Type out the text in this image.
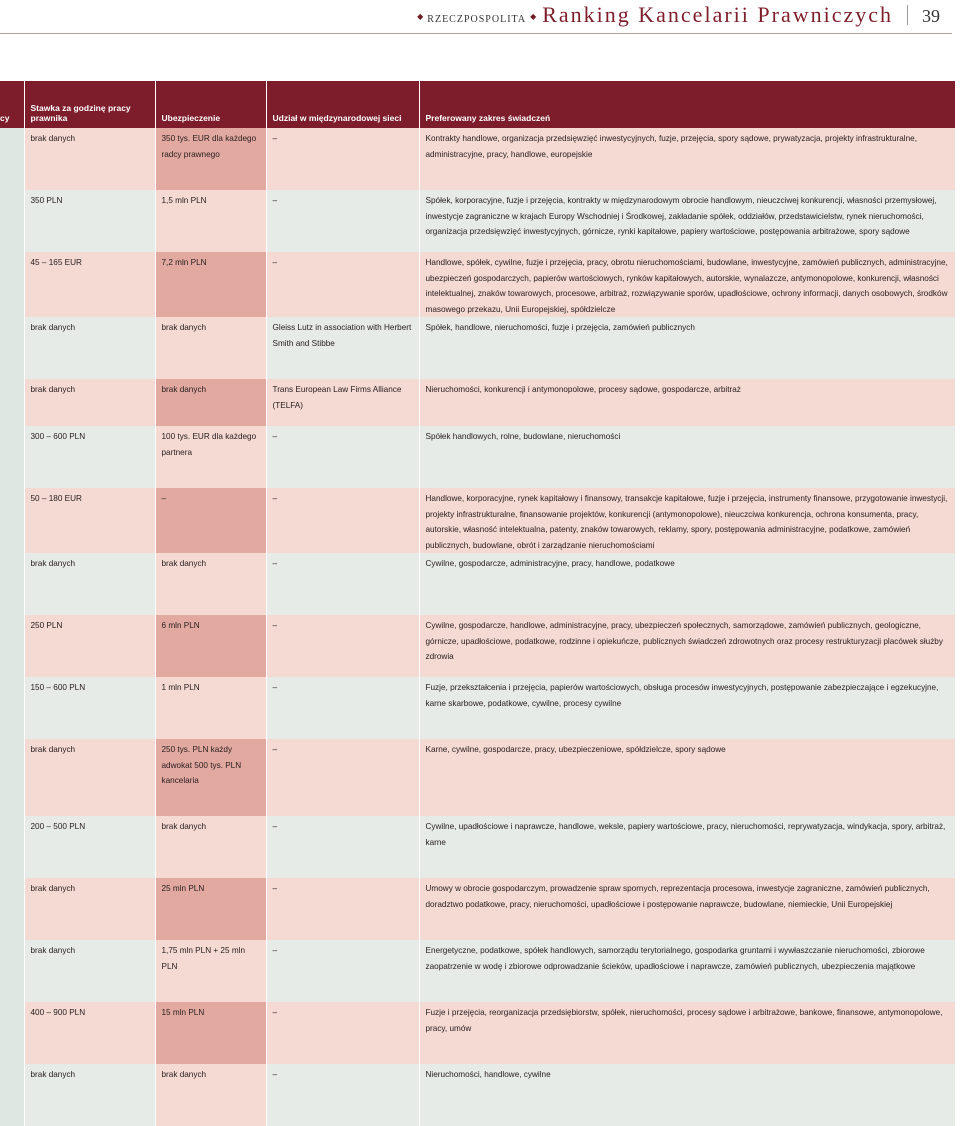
◆ RZECZPOSPOLITA ◆ Ranking Kancelarii Prawniczych 39
cy	Stawka za godzinę pracy prawnika	Ubezpieczenie	Udział w międzynarodowej sieci	Preferowany zakres świadczeń
	brak danych	350 tys. EUR dla każdego radcy prawnego	–	Kontrakty handlowe, organizacja przedsięwzięć inwestycyjnych, fuzje, przejęcia, spory sądowe, prywatyzacja, projekty infrastrukturalne, administracyjne, pracy, handlowe, europejskie
	350 PLN	1,5 mln PLN	–	Spółek, korporacyjne, fuzje i przejęcia, kontrakty w międzynarodowym obrocie handlowym, nieuczciwej konkurencji, własności przemysłowej, inwestycje zagraniczne w krajach Europy Wschodniej i Środkowej, zakładanie spółek, oddziałów, przedstawicielstw, rynek nieruchomości, organizacja przedsięwzięć inwestycyjnych, górnicze, rynki kapitałowe, papiery wartościowe, postępowania arbitrażowe, spory sądowe
	45 – 165 EUR	7,2 mln PLN	–	Handlowe, spółek, cywilne, fuzje i przejęcia, pracy, obrotu nieruchomościami, budowlane, inwestycyjne, zamówień publicznych, administracyjne, ubezpieczeń gospodarczych, papierów wartościowych, rynków kapitałowych, autorskie, wynalazcze, antymonopolowe, konkurencji, własności intelektualnej, znaków towarowych, procesowe, arbitraż, rozwiązywanie sporów, upadłościowe, ochrony informacji, danych osobowych, środków masowego przekazu, Unii Europejskiej, spółdzielcze
	brak danych	brak danych	Gleiss Lutz in association with Herbert Smith and Stibbe	Spółek, handlowe, nieruchomości, fuzje i przejęcia, zamówień publicznych
	brak danych	brak danych	Trans European Law Firms Alliance (TELFA)	Nieruchomości, konkurencji i antymonopolowe, procesy sądowe, gospodarcze, arbitraż
	300 – 600 PLN	100 tys. EUR dla każdego partnera	–	Spółek handlowych, rolne, budowlane, nieruchomości
	50 – 180 EUR	–	–	Handlowe, korporacyjne, rynek kapitałowy i finansowy, transakcje kapitałowe, fuzje i przejęcia, instrumenty finansowe, przygotowanie inwestycji, projekty infrastrukturalne, finansowanie projektów, konkurencji (antymonopolowe), nieuczciwa konkurencja, ochrona konsumenta, pracy, autorskie, własność intelektualna, patenty, znaków towarowych, reklamy, spory, postępowania administracyjne, podatkowe, zamówień publicznych, budowlane, obrót i zarządzanie nieruchomościami
	brak danych	brak danych	–	Cywilne, gospodarcze, administracyjne, pracy, handlowe, podatkowe
	250 PLN	6 mln PLN	–	Cywilne, gospodarcze, handlowe, administracyjne, pracy, ubezpieczeń społecznych, samorządowe, zamówień publicznych, geologiczne, górnicze, upadłościowe, podatkowe, rodzinne i opiekuńcze, publicznych świadczeń zdrowotnych oraz procesy restrukturyzacji placówek służby zdrowia
	150 – 600 PLN	1 mln PLN	–	Fuzje, przekształcenia i przejęcia, papierów wartościowych, obsługa procesów inwestycyjnych, postępowanie zabezpieczające i egzekucyjne, karne skarbowe, podatkowe, cywilne, procesy cywilne
	brak danych	250 tys. PLN każdy adwokat 500 tys. PLN kancelaria	–	Karne, cywilne, gospodarcze, pracy, ubezpieczeniowe, spółdzielcze, spory sądowe
	200 – 500 PLN	brak danych	–	Cywilne, upadłościowe i naprawcze, handlowe, weksle, papiery wartościowe, pracy, nieruchomości, reprywatyzacja, windykacja, spory, arbitraż, karne
	brak danych	25 mln PLN	–	Umowy w obrocie gospodarczym, prowadzenie spraw spornych, reprezentacja procesowa, inwestycje zagraniczne, zamówień publicznych, doradztwo podatkowe, pracy, nieruchomości, upadłościowe i postępowanie naprawcze, budowlane, niemieckie, Unii Europejskiej
	brak danych	1,75 mln PLN + 25 mln PLN	–	Energetyczne, podatkowe, spółek handlowych, samorządu terytorialnego, gospodarka gruntami i wywłaszczanie nieruchomości, zbiorowe zaopatrzenie w wodę i zbiorowe odprowadzanie ścieków, upadłościowe i naprawcze, zamówień publicznych, ubezpieczenia majątkowe
	400 – 900 PLN	15 mln PLN	–	Fuzje i przejęcia, reorganizacja przedsiębiorstw, spółek, nieruchomości, procesy sądowe i arbitrażowe, bankowe, finansowe, antymonopolowe, pracy, umów
	brak danych	brak danych	–	Nieruchomości, handlowe, cywilne
